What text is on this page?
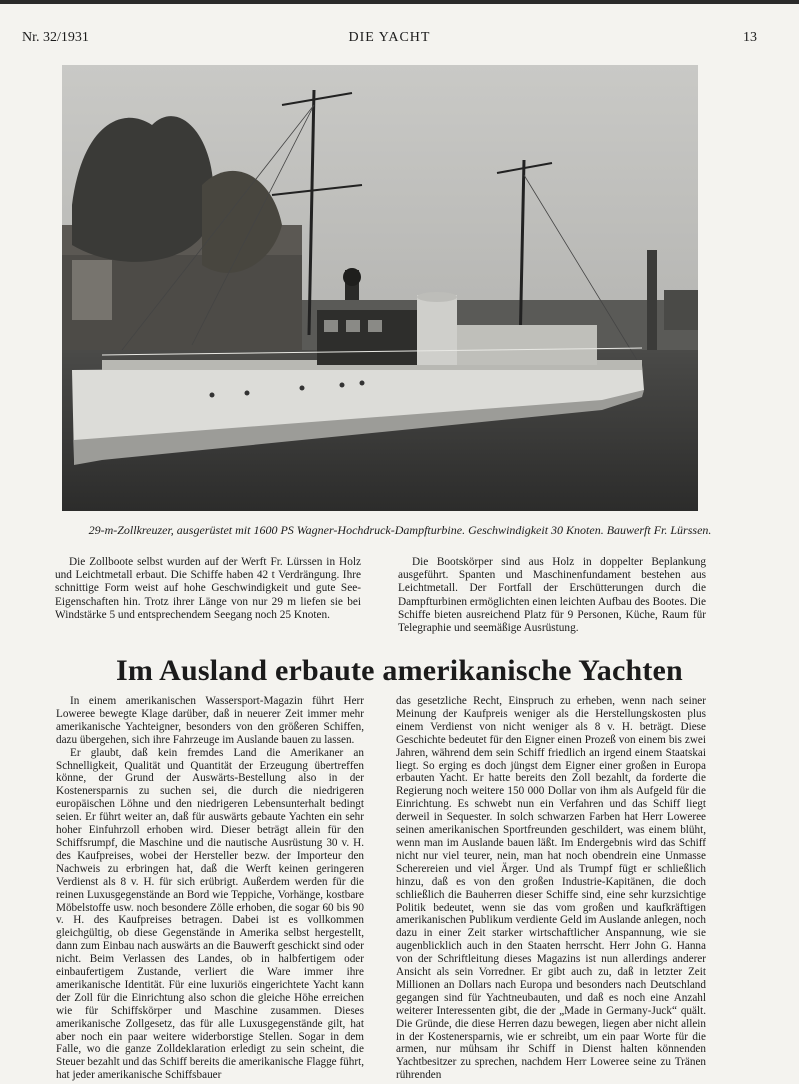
Nr. 32/1931	DIE YACHT	13
29-m-Zollkreuzer, ausgerüstet mit 1600 PS Wagner-Hochdruck-Dampfturbine. Geschwindigkeit 30 Knoten. Bauwerft Fr. Lürssen.

Die Zollboote selbst wurden auf der Werft Fr. Lürssen in Holz und Leichtmetall erbaut. Die Schiffe haben 42 t Verdrängung. Ihre schnittige Form weist auf hohe Geschwindigkeit und gute See-Eigenschaften hin. Trotz ihrer Länge von nur 29 m liefen sie bei Windstärke 5 und entsprechendem Seegang noch 25 Knoten.

Die Bootskörper sind aus Holz in doppelter Beplankung ausgeführt. Spanten und Maschinenfundament bestehen aus Leichtmetall. Der Fortfall der Erschütterungen durch die Dampfturbinen ermöglichten einen leichten Aufbau des Bootes. Die Schiffe bieten ausreichend Platz für 9 Personen, Küche, Raum für Telegraphie und seemäßige Ausrüstung.

Im Ausland erbaute amerikanische Yachten

In einem amerikanischen Wassersport-Magazin führt Herr Loweree bewegte Klage darüber, daß in neuerer Zeit immer mehr amerikanische Yachteigner, besonders von den größeren Schiffen, dazu übergehen, sich ihre Fahrzeuge im Auslande bauen zu lassen.

Er glaubt, daß kein fremdes Land die Amerikaner an Schnelligkeit, Qualität und Quantität der Erzeugung übertreffen könne, der Grund der Auswärts-Bestellung also in der Kostenersparnis zu suchen sei, die durch die niedrigeren europäischen Löhne und den niedrigeren Lebensunterhalt bedingt seien. Er führt weiter an, daß für auswärts gebaute Yachten ein sehr hoher Einfuhrzoll erhoben wird. Dieser beträgt allein für den Schiffsrumpf, die Maschine und die nautische Ausrüstung 30 v. H. des Kaufpreises, wobei der Hersteller bezw. der Importeur den Nachweis zu erbringen hat, daß die Werft keinen geringeren Verdienst als 8 v. H. für sich erübrigt. Außerdem werden für die reinen Luxusgegenstände an Bord wie Teppiche, Vorhänge, kostbare Möbelstoffe usw. noch besondere Zölle erhoben, die sogar 60 bis 90 v. H. des Kaufpreises betragen. Dabei ist es vollkommen gleichgültig, ob diese Gegenstände in Amerika selbst hergestellt, dann zum Einbau nach auswärts an die Bauwerft geschickt sind oder nicht. Beim Verlassen des Landes, ob in halbfertigem oder einbaufertigem Zustande, verliert die Ware immer ihre amerikanische Identität. Für eine luxuriös eingerichtete Yacht kann der Zoll für die Einrichtung also schon die gleiche Höhe erreichen wie für Schiffskörper und Maschine zusammen. Dieses amerikanische Zollgesetz, das für alle Luxusgegenstände gilt, hat aber noch ein paar weitere widerborstige Stellen. Sogar in dem Falle, wo die ganze Zolldeklaration erledigt zu sein scheint, die Steuer bezahlt und das Schiff bereits die amerikanische Flagge führt, hat jeder amerikanische Schiffsbauer

das gesetzliche Recht, Einspruch zu erheben, wenn nach seiner Meinung der Kaufpreis weniger als die Herstellungskosten plus einem Verdienst von nicht weniger als 8 v. H. beträgt. Diese Geschichte bedeutet für den Eigner einen Prozeß von einem bis zwei Jahren, während dem sein Schiff friedlich an irgend einem Staatskai liegt. So erging es doch jüngst dem Eigner einer großen in Europa erbauten Yacht. Er hatte bereits den Zoll bezahlt, da forderte die Regierung noch weitere 150 000 Dollar von ihm als Aufgeld für die Einrichtung. Es schwebt nun ein Verfahren und das Schiff liegt derweil in Sequester. In solch schwarzen Farben hat Herr Loweree seinen amerikanischen Sportfreunden geschildert, was einem blüht, wenn man im Auslande bauen läßt. Im Endergebnis wird das Schiff nicht nur viel teurer, nein, man hat noch obendrein eine Unmasse Scherereien und viel Ärger. Und als Trumpf fügt er schließlich hinzu, daß es von den großen Industrie-Kapitänen, die doch schließlich die Bauherren dieser Schiffe sind, eine sehr kurzsichtige Politik bedeutet, wenn sie das vom großen und kaufkräftigen amerikanischen Publikum verdiente Geld im Auslande anlegen, noch dazu in einer Zeit starker wirtschaftlicher Anspannung, wie sie augenblicklich auch in den Staaten herrscht. Herr John G. Hanna von der Schriftleitung dieses Magazins ist nun allerdings anderer Ansicht als sein Vorredner. Er gibt auch zu, daß in letzter Zeit Millionen an Dollars nach Europa und besonders nach Deutschland gegangen sind für Yachtneubauten, und daß es noch eine Anzahl weiterer Interessenten gibt, die der „Made in Germany-Juck“ quält. Die Gründe, die diese Herren dazu bewegen, liegen aber nicht allein in der Kostenersparnis, wie er schreibt, um ein paar Worte für die armen, nur mühsam ihr Schiff in Dienst halten könnenden Yachtbesitzer zu sprechen, nachdem Herr Loweree seine zu Tränen rührenden
